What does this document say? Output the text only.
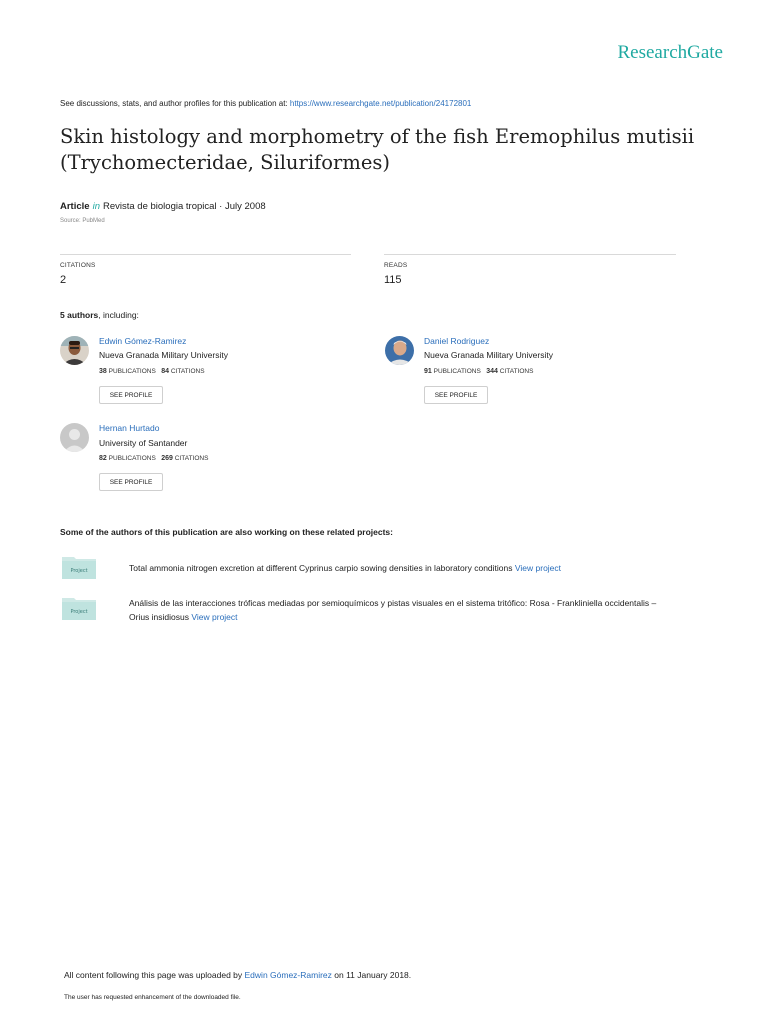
ResearchGate
See discussions, stats, and author profiles for this publication at: https://www.researchgate.net/publication/24172801
Skin histology and morphometry of the fish Eremophilus mutisii
(Trychomecteridae, Siluriformes)
Article in Revista de biologia tropical · July 2008
Source: PubMed
CITATIONS
2
READS
115
5 authors, including:
Edwin Gómez-Ramirez
Nueva Granada Military University
38 PUBLICATIONS 84 CITATIONS
SEE PROFILE
Daniel Rodriguez
Nueva Granada Military University
91 PUBLICATIONS 344 CITATIONS
SEE PROFILE
Hernan Hurtado
University of Santander
82 PUBLICATIONS 269 CITATIONS
SEE PROFILE
Some of the authors of this publication are also working on these related projects:
Project	Total ammonia nitrogen excretion at different Cyprinus carpio sowing densities in laboratory conditions View project
Project
Análisis de las interacciones tróficas mediadas por semioquímicos y pistas visuales en el sistema tritófico: Rosa - Frankliniella occidentalis –
Orius insidiosus View project
All content following this page was uploaded by Edwin Gómez-Ramirez on 11 January 2018.
The user has requested enhancement of the downloaded file.
